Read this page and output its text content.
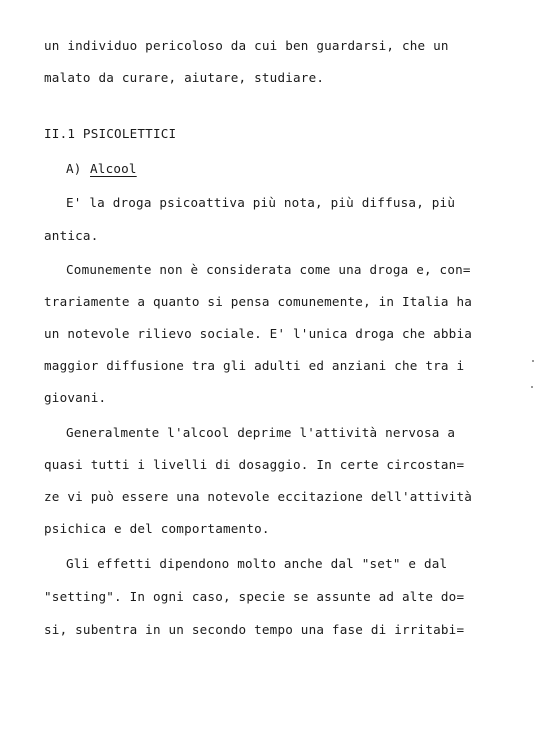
un individuo pericoloso da cui ben guardarsi, che un
malato da curare, aiutare, studiare.
II.1 PSICOLETTICI
A) Alcool
E' la droga psicoattiva più nota, più diffusa, più
antica.
Comunemente non è considerata come una droga e, con=
trariamente a quanto si pensa comunemente, in Italia ha
un notevole rilievo sociale. E' l'unica droga che abbia
maggior diffusione tra gli adulti ed anziani che tra i
giovani.
Generalmente l'alcool deprime l'attività nervosa a
quasi tutti i livelli di dosaggio. In certe circostan=
ze vi può essere una notevole eccitazione dell'attività
psichica e del comportamento.
Gli effetti dipendono molto anche dal "set" e dal
"setting". In ogni caso, specie se assunte ad alte do=
si, subentra in un secondo tempo una fase di irritabi=
